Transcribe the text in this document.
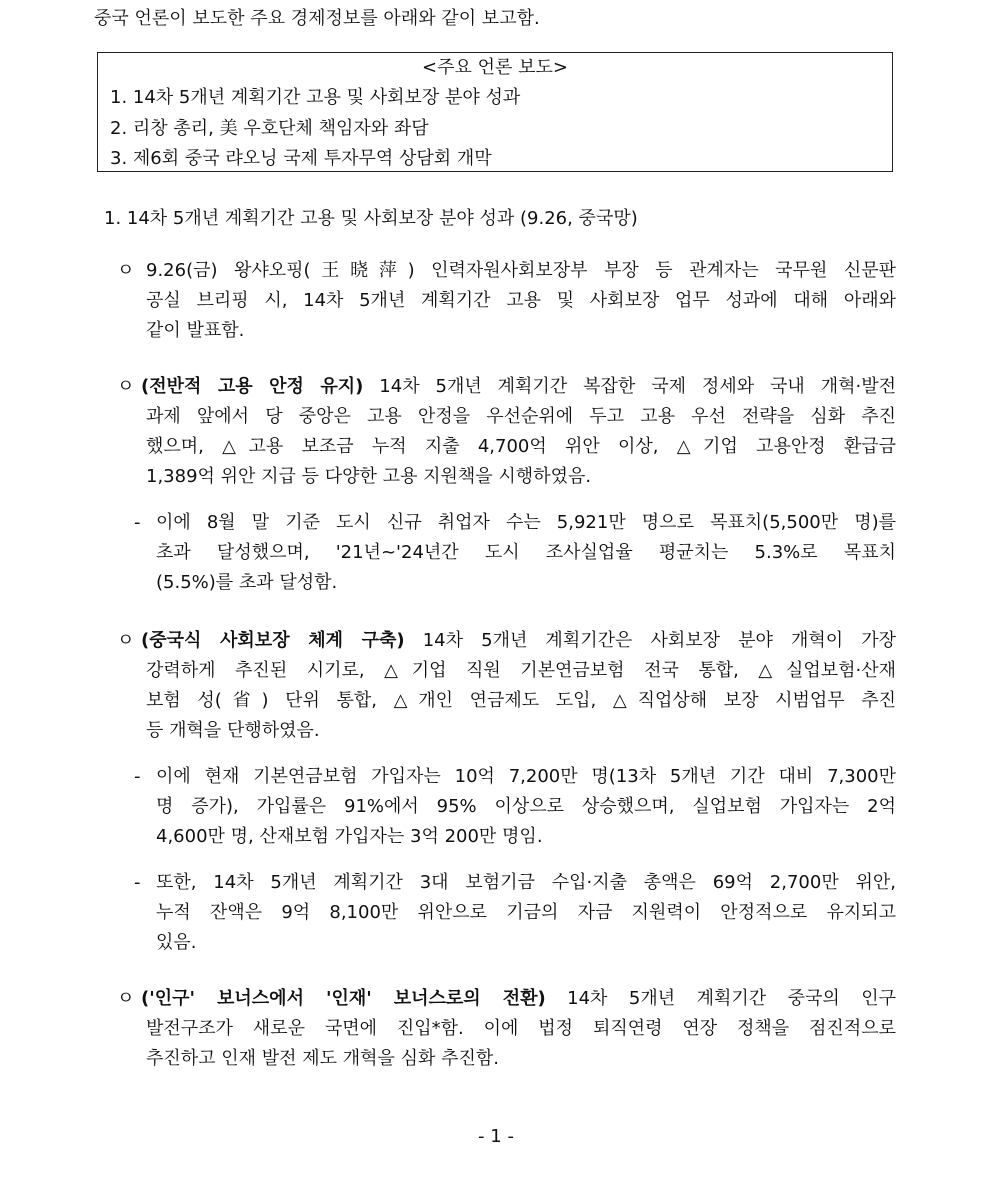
중국 언론이 보도한 주요 경제정보를 아래와 같이 보고함.
<주요 언론 보도>
1. 14차 5개년 계획기간 고용 및 사회보장 분야 성과
2. 리창 총리, 美 우호단체 책임자와 좌담
3. 제6회 중국 랴오닝 국제 투자무역 상담회 개막
1. 14차 5개년 계획기간 고용 및 사회보장 분야 성과 (9.26, 중국망)
ㅇ 9.26(금) 왕샤오핑(王晓萍) 인력자원사회보장부 부장 등 관계자는 국무원 신문판
공실 브리핑 시, 14차 5개년 계획기간 고용 및 사회보장 업무 성과에 대해 아래와
같이 발표함.
ㅇ (전반적 고용 안정 유지) 14차 5개년 계획기간 복잡한 국제 정세와 국내 개혁·발전
과제 앞에서 당 중앙은 고용 안정을 우선순위에 두고 고용 우선 전략을 심화 추진
했으며, △고용 보조금 누적 지출 4,700억 위안 이상, △기업 고용안정 환급금
1,389억 위안 지급 등 다양한 고용 지원책을 시행하였음.
- 이에 8월 말 기준 도시 신규 취업자 수는 5,921만 명으로 목표치(5,500만 명)를
초과 달성했으며, '21년~'24년간 도시 조사실업율 평균치는 5.3%로 목표치
(5.5%)를 초과 달성함.
ㅇ (중국식 사회보장 체계 구축) 14차 5개년 계획기간은 사회보장 분야 개혁이 가장
강력하게 추진된 시기로, △기업 직원 기본연금보험 전국 통합, △실업보험·산재
보험 성(省) 단위 통합, △개인 연금제도 도입, △직업상해 보장 시범업무 추진
등 개혁을 단행하였음.
- 이에 현재 기본연금보험 가입자는 10억 7,200만 명(13차 5개년 기간 대비 7,300만
명 증가), 가입률은 91%에서 95% 이상으로 상승했으며, 실업보험 가입자는 2억
4,600만 명, 산재보험 가입자는 3억 200만 명임.
- 또한, 14차 5개년 계획기간 3대 보험기금 수입·지출 총액은 69억 2,700만 위안,
누적 잔액은 9억 8,100만 위안으로 기금의 자금 지원력이 안정적으로 유지되고
있음.
ㅇ ('인구' 보너스에서 '인재' 보너스로의 전환) 14차 5개년 계획기간 중국의 인구
발전구조가 새로운 국면에 진입*함. 이에 법정 퇴직연령 연장 정책을 점진적으로
추진하고 인재 발전 제도 개혁을 심화 추진함.
- 1 -
